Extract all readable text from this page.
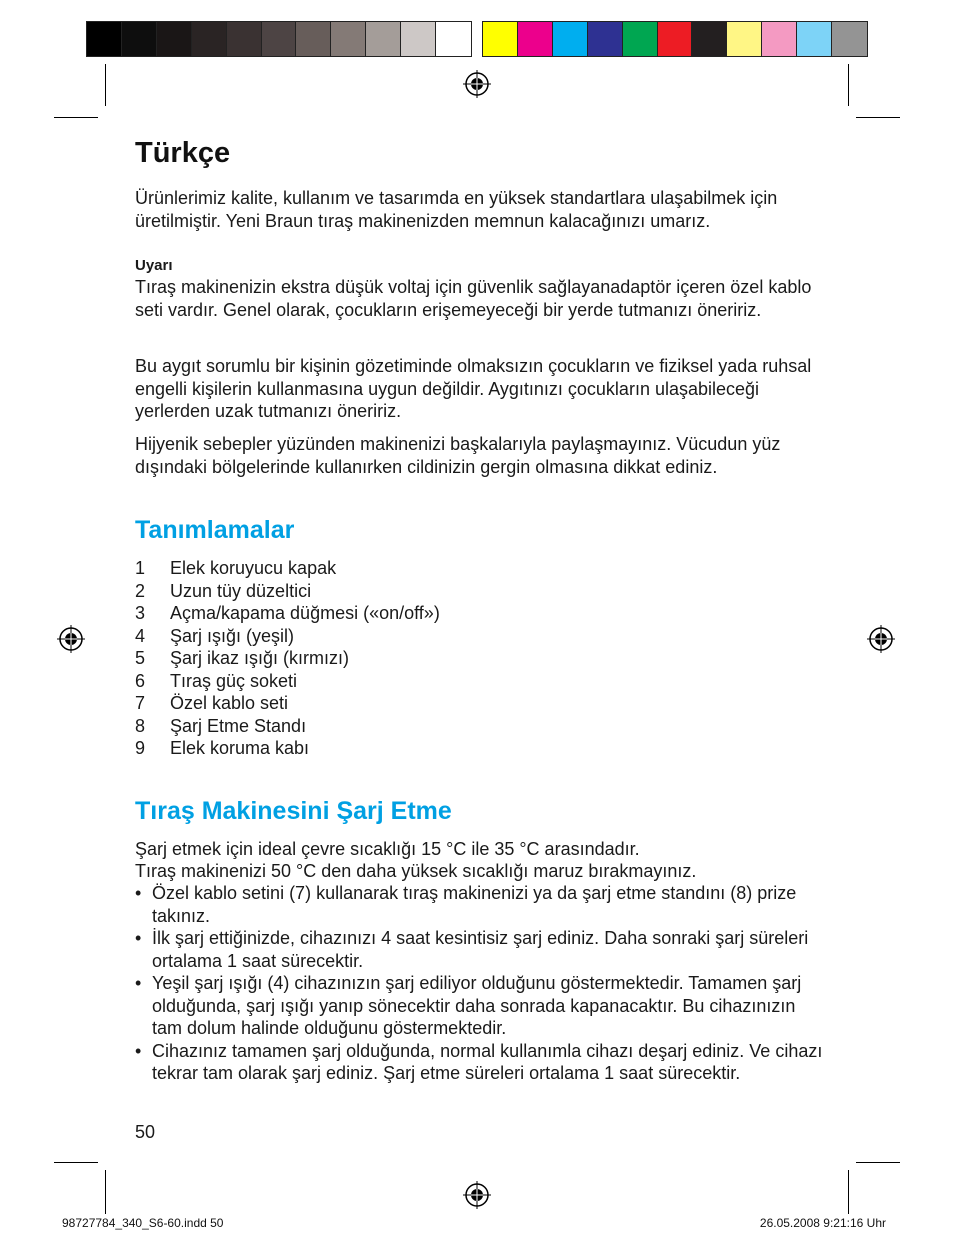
Türkçe

Ürünlerimiz kalite, kullanım ve tasarımda en yüksek standartlara ulaşabilmek için üretilmiştir. Yeni Braun tıraş makinenizden memnun kalacağınızı umarız.

Uyarı

Tıraş makinenizin ekstra düşük voltaj için güvenlik sağlayanadaptör içeren özel kablo seti vardır. Genel olarak, çocukların erişemeyeceği bir yerde tutmanızı öneririz.

Bu aygıt sorumlu bir kişinin gözetiminde olmaksızın çocukların ve fiziksel yada ruhsal engelli kişilerin kullanmasına uygun değildir. Aygıtınızı çocukların ulaşabileceği yerlerden uzak tutmanızı öneririz.

Hijyenik sebepler yüzünden makinenizi başkalarıyla paylaşmayınız. Vücudun yüz dışındaki bölgelerinde kullanırken cildinizin gergin olmasına dikkat ediniz.

Tanımlamalar
1	Elek koruyucu kapak
2	Uzun tüy düzeltici
3	Açma/kapama düğmesi («on/off»)
4	Şarj ışığı (yeşil)
5	Şarj ikaz ışığı (kırmızı)
6	Tıraş güç soketi
7	Özel kablo seti
8	Şarj Etme Standı
9	Elek koruma kabı
Tıraş Makinesini Şarj Etme

Şarj etmek için ideal çevre sıcaklığı 15 °C ile 35 °C arasındadır.

Tıraş makinenizi 50 °C den daha yüksek sıcaklığı maruz bırakmayınız.

• Özel kablo setini (7) kullanarak tıraş makinenizi ya da şarj etme standını (8) prize takınız.
• İlk şarj ettiğinizde, cihazınızı 4 saat kesintisiz şarj ediniz. Daha sonraki şarj süreleri ortalama 1 saat sürecektir.
• Yeşil şarj ışığı (4) cihazınızın şarj ediliyor olduğunu göstermektedir. Tamamen şarj olduğunda, şarj ışığı yanıp sönecektir daha sonrada kapanacaktır. Bu cihazınızın tam dolum halinde olduğunu göstermektedir.
• Cihazınız tamamen şarj olduğunda, normal kullanımla cihazı deşarj ediniz. Ve cihazı tekrar tam olarak şarj ediniz. Şarj etme süreleri ortalama 1 saat sürecektir.

50

98727784_340_S6-60.indd 50	26.05.2008 9:21:16 Uhr
